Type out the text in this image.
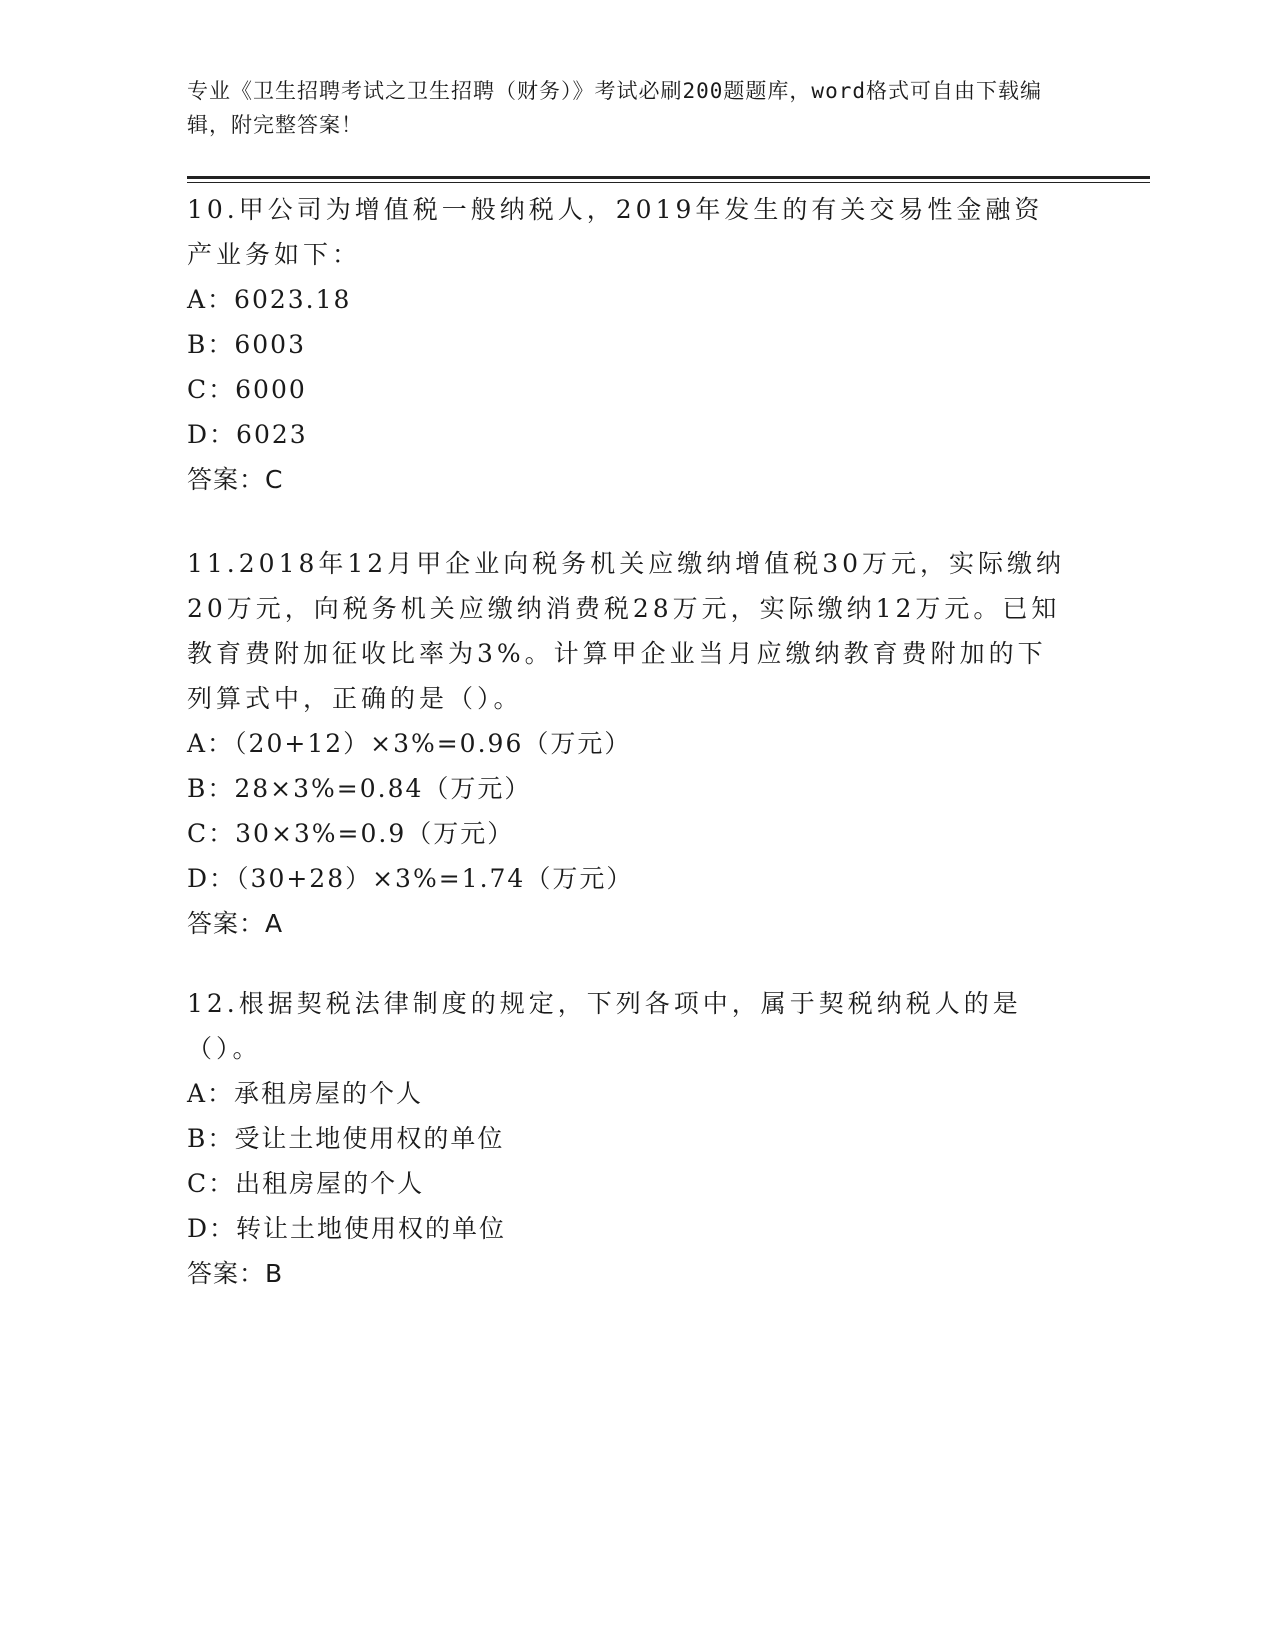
专业《卫生招聘考试之卫生招聘（财务）》考试必刷200题题库，word格式可自由下载编辑，附完整答案！

10.甲公司为增值税一般纳税人，2019年发生的有关交易性金融资产业务如下：

A：6023.18

B：6003

C：6000

D：6023

答案：C

11.2018年12月甲企业向税务机关应缴纳增值税30万元，实际缴纳20万元，向税务机关应缴纳消费税28万元，实际缴纳12万元。已知教育费附加征收比率为3%。计算甲企业当月应缴纳教育费附加的下列算式中，正确的是（）。

A：（20+12）×3%=0.96（万元）

B：28×3%=0.84（万元）

C：30×3%=0.9（万元）

D：（30+28）×3%=1.74（万元）

答案：A

12.根据契税法律制度的规定，下列各项中，属于契税纳税人的是（）。

A：承租房屋的个人

B：受让土地使用权的单位

C：出租房屋的个人

D：转让土地使用权的单位

答案：B
